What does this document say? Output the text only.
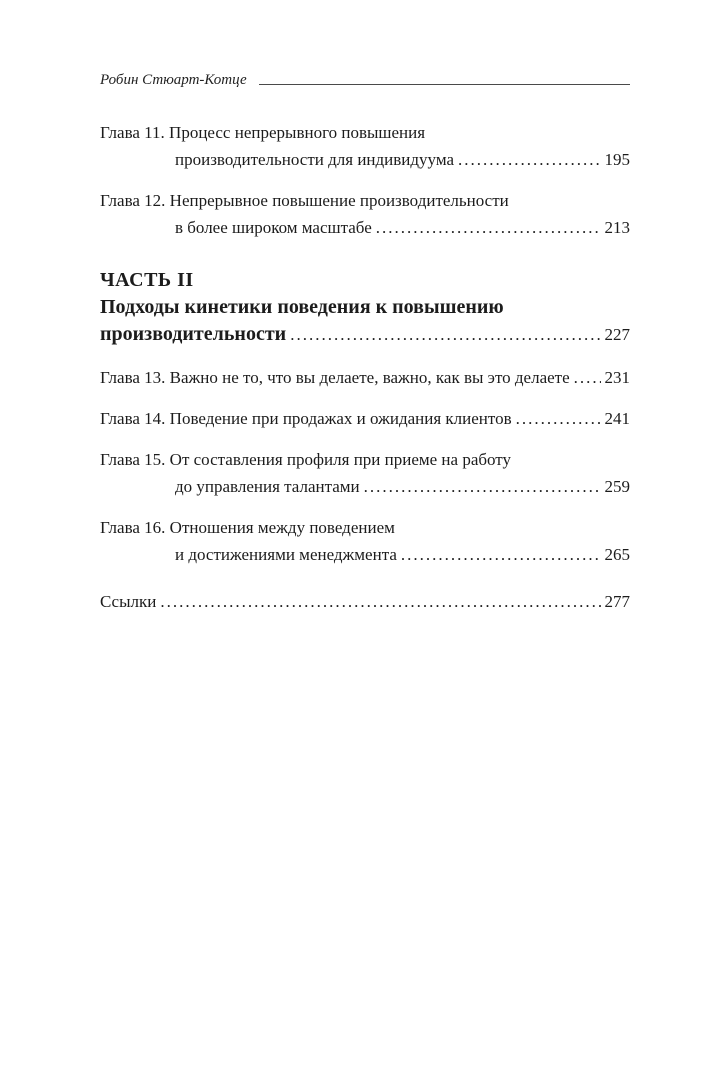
Робин Стюарт-Котце
Глава 11. Процесс непрерывного повышения
производительности для индивидуума .....	195
Глава 12. Непрерывное повышение производительности
в более широком масштабе .....	213
ЧАСТЬ II
Подходы кинетики поведения к повышению
производительности .....	227
Глава 13. Важно не то, что вы делаете, важно, как вы это делаете ..... 231
Глава 14. Поведение при продажах и ожидания клиентов .....	241
Глава 15. От составления профиля при приеме на работу
до управления талантами .....	259
Глава 16. Отношения между поведением
и достижениями менеджмента .....	265
Ссылки .....	277
